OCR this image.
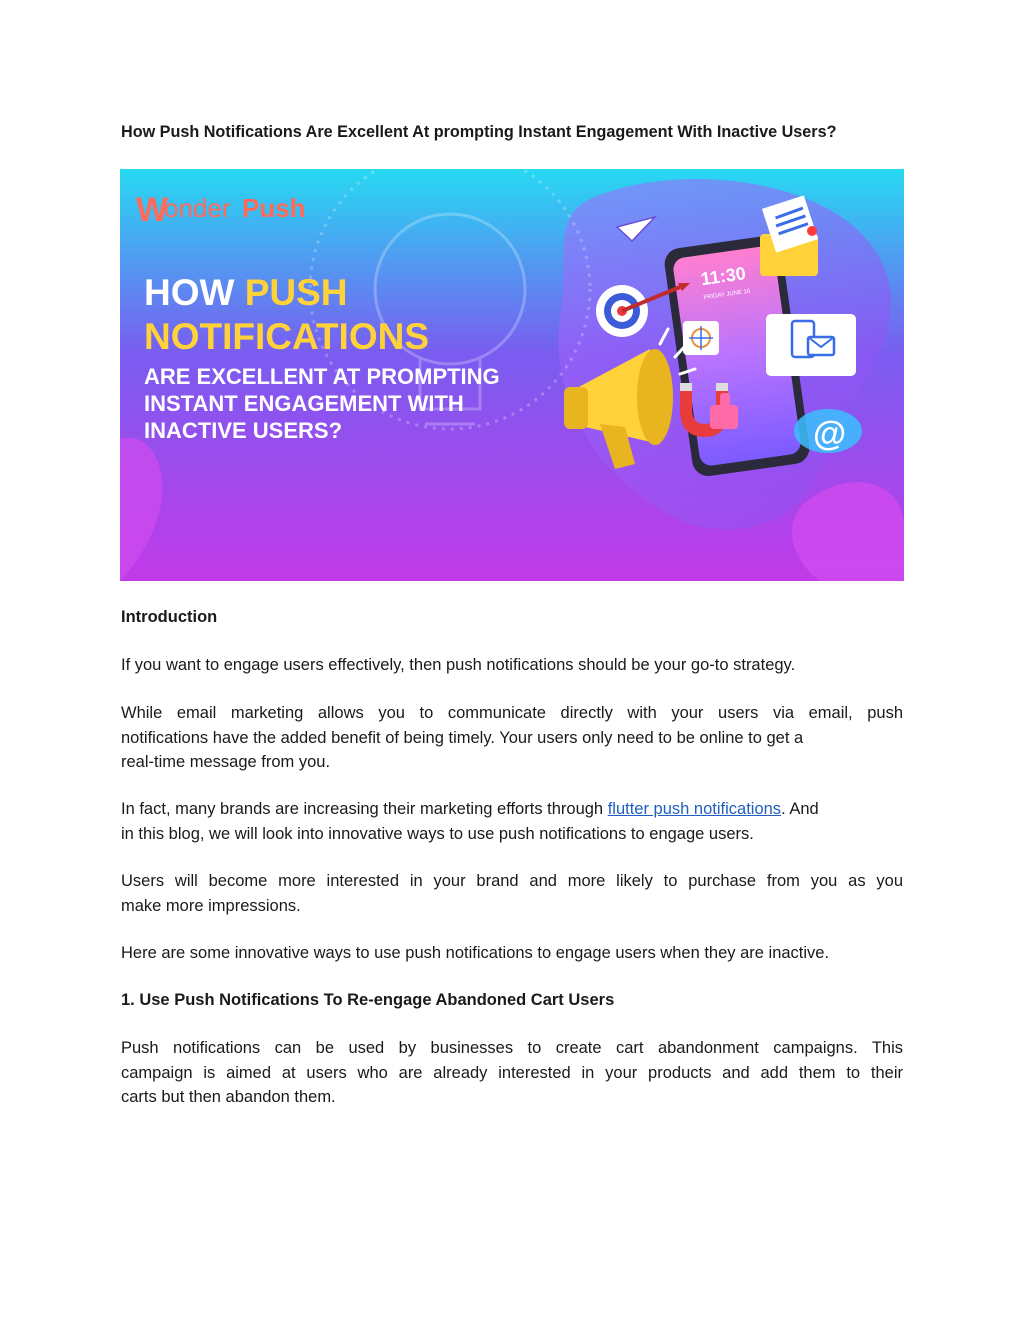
How Push Notifications Are Excellent At prompting Instant Engagement With Inactive Users?
W
onder Push
HOW PUSH
NOTIFICATIONS
ARE EXCELLENT AT PROMPTING
INSTANT ENGAGEMENT WITH
INACTIVE USERS?
11:30
FRIDAY JUNE 16
@
Introduction
If you want to engage users effectively, then push notifications should be your go-to strategy.
While email marketing allows you to communicate directly with your users via email, push
notifications have the added benefit of being timely. Your users only need to be online to get a
real-time message from you.
In fact, many brands are increasing their marketing efforts through flutter push notifications. And
in this blog, we will look into innovative ways to use push notifications to engage users.
Users will become more interested in your brand and more likely to purchase from you as you
make more impressions.
Here are some innovative ways to use push notifications to engage users when they are inactive.
1. Use Push Notifications To Re-engage Abandoned Cart Users
Push notifications can be used by businesses to create cart abandonment campaigns. This
campaign is aimed at users who are already interested in your products and add them to their
carts but then abandon them.
